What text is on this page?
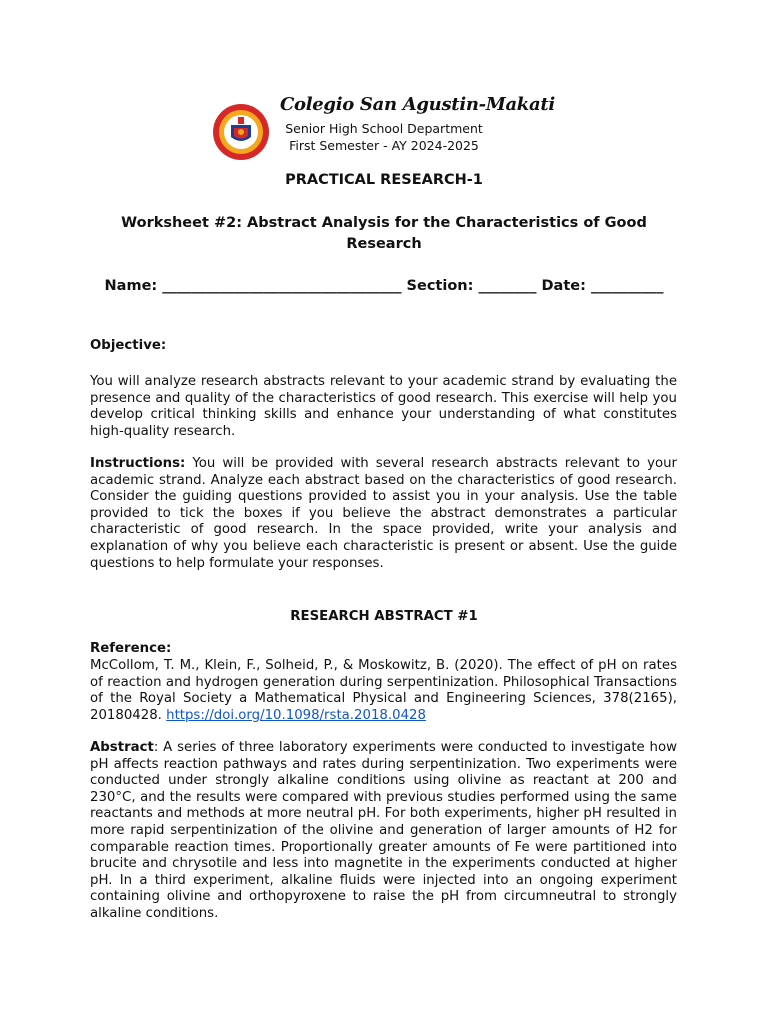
Colegio San Agustin-Makati
Senior High School Department
First Semester - AY 2024-2025
PRACTICAL RESEARCH-1
Worksheet #2: Abstract Analysis for the Characteristics of Good Research
Name: _________________________________ Section: ________ Date: __________
Objective:
You will analyze research abstracts relevant to your academic strand by evaluating the presence and quality of the characteristics of good research. This exercise will help you develop critical thinking skills and enhance your understanding of what constitutes high-quality research.
Instructions: You will be provided with several research abstracts relevant to your academic strand. Analyze each abstract based on the characteristics of good research. Consider the guiding questions provided to assist you in your analysis. Use the table provided to tick the boxes if you believe the abstract demonstrates a particular characteristic of good research. In the space provided, write your analysis and explanation of why you believe each characteristic is present or absent. Use the guide questions to help formulate your responses.
RESEARCH ABSTRACT #1
Reference:
McCollom, T. M., Klein, F., Solheid, P., & Moskowitz, B. (2020). The effect of pH on rates of reaction and hydrogen generation during serpentinization. Philosophical Transactions of the Royal Society a Mathematical Physical and Engineering Sciences, 378(2165), 20180428. https://doi.org/10.1098/rsta.2018.0428
Abstract: A series of three laboratory experiments were conducted to investigate how pH affects reaction pathways and rates during serpentinization. Two experiments were conducted under strongly alkaline conditions using olivine as reactant at 200 and 230°C, and the results were compared with previous studies performed using the same reactants and methods at more neutral pH. For both experiments, higher pH resulted in more rapid serpentinization of the olivine and generation of larger amounts of H2 for comparable reaction times. Proportionally greater amounts of Fe were partitioned into brucite and chrysotile and less into magnetite in the experiments conducted at higher pH. In a third experiment, alkaline fluids were injected into an ongoing experiment containing olivine and orthopyroxene to raise the pH from circumneutral to strongly alkaline conditions.
